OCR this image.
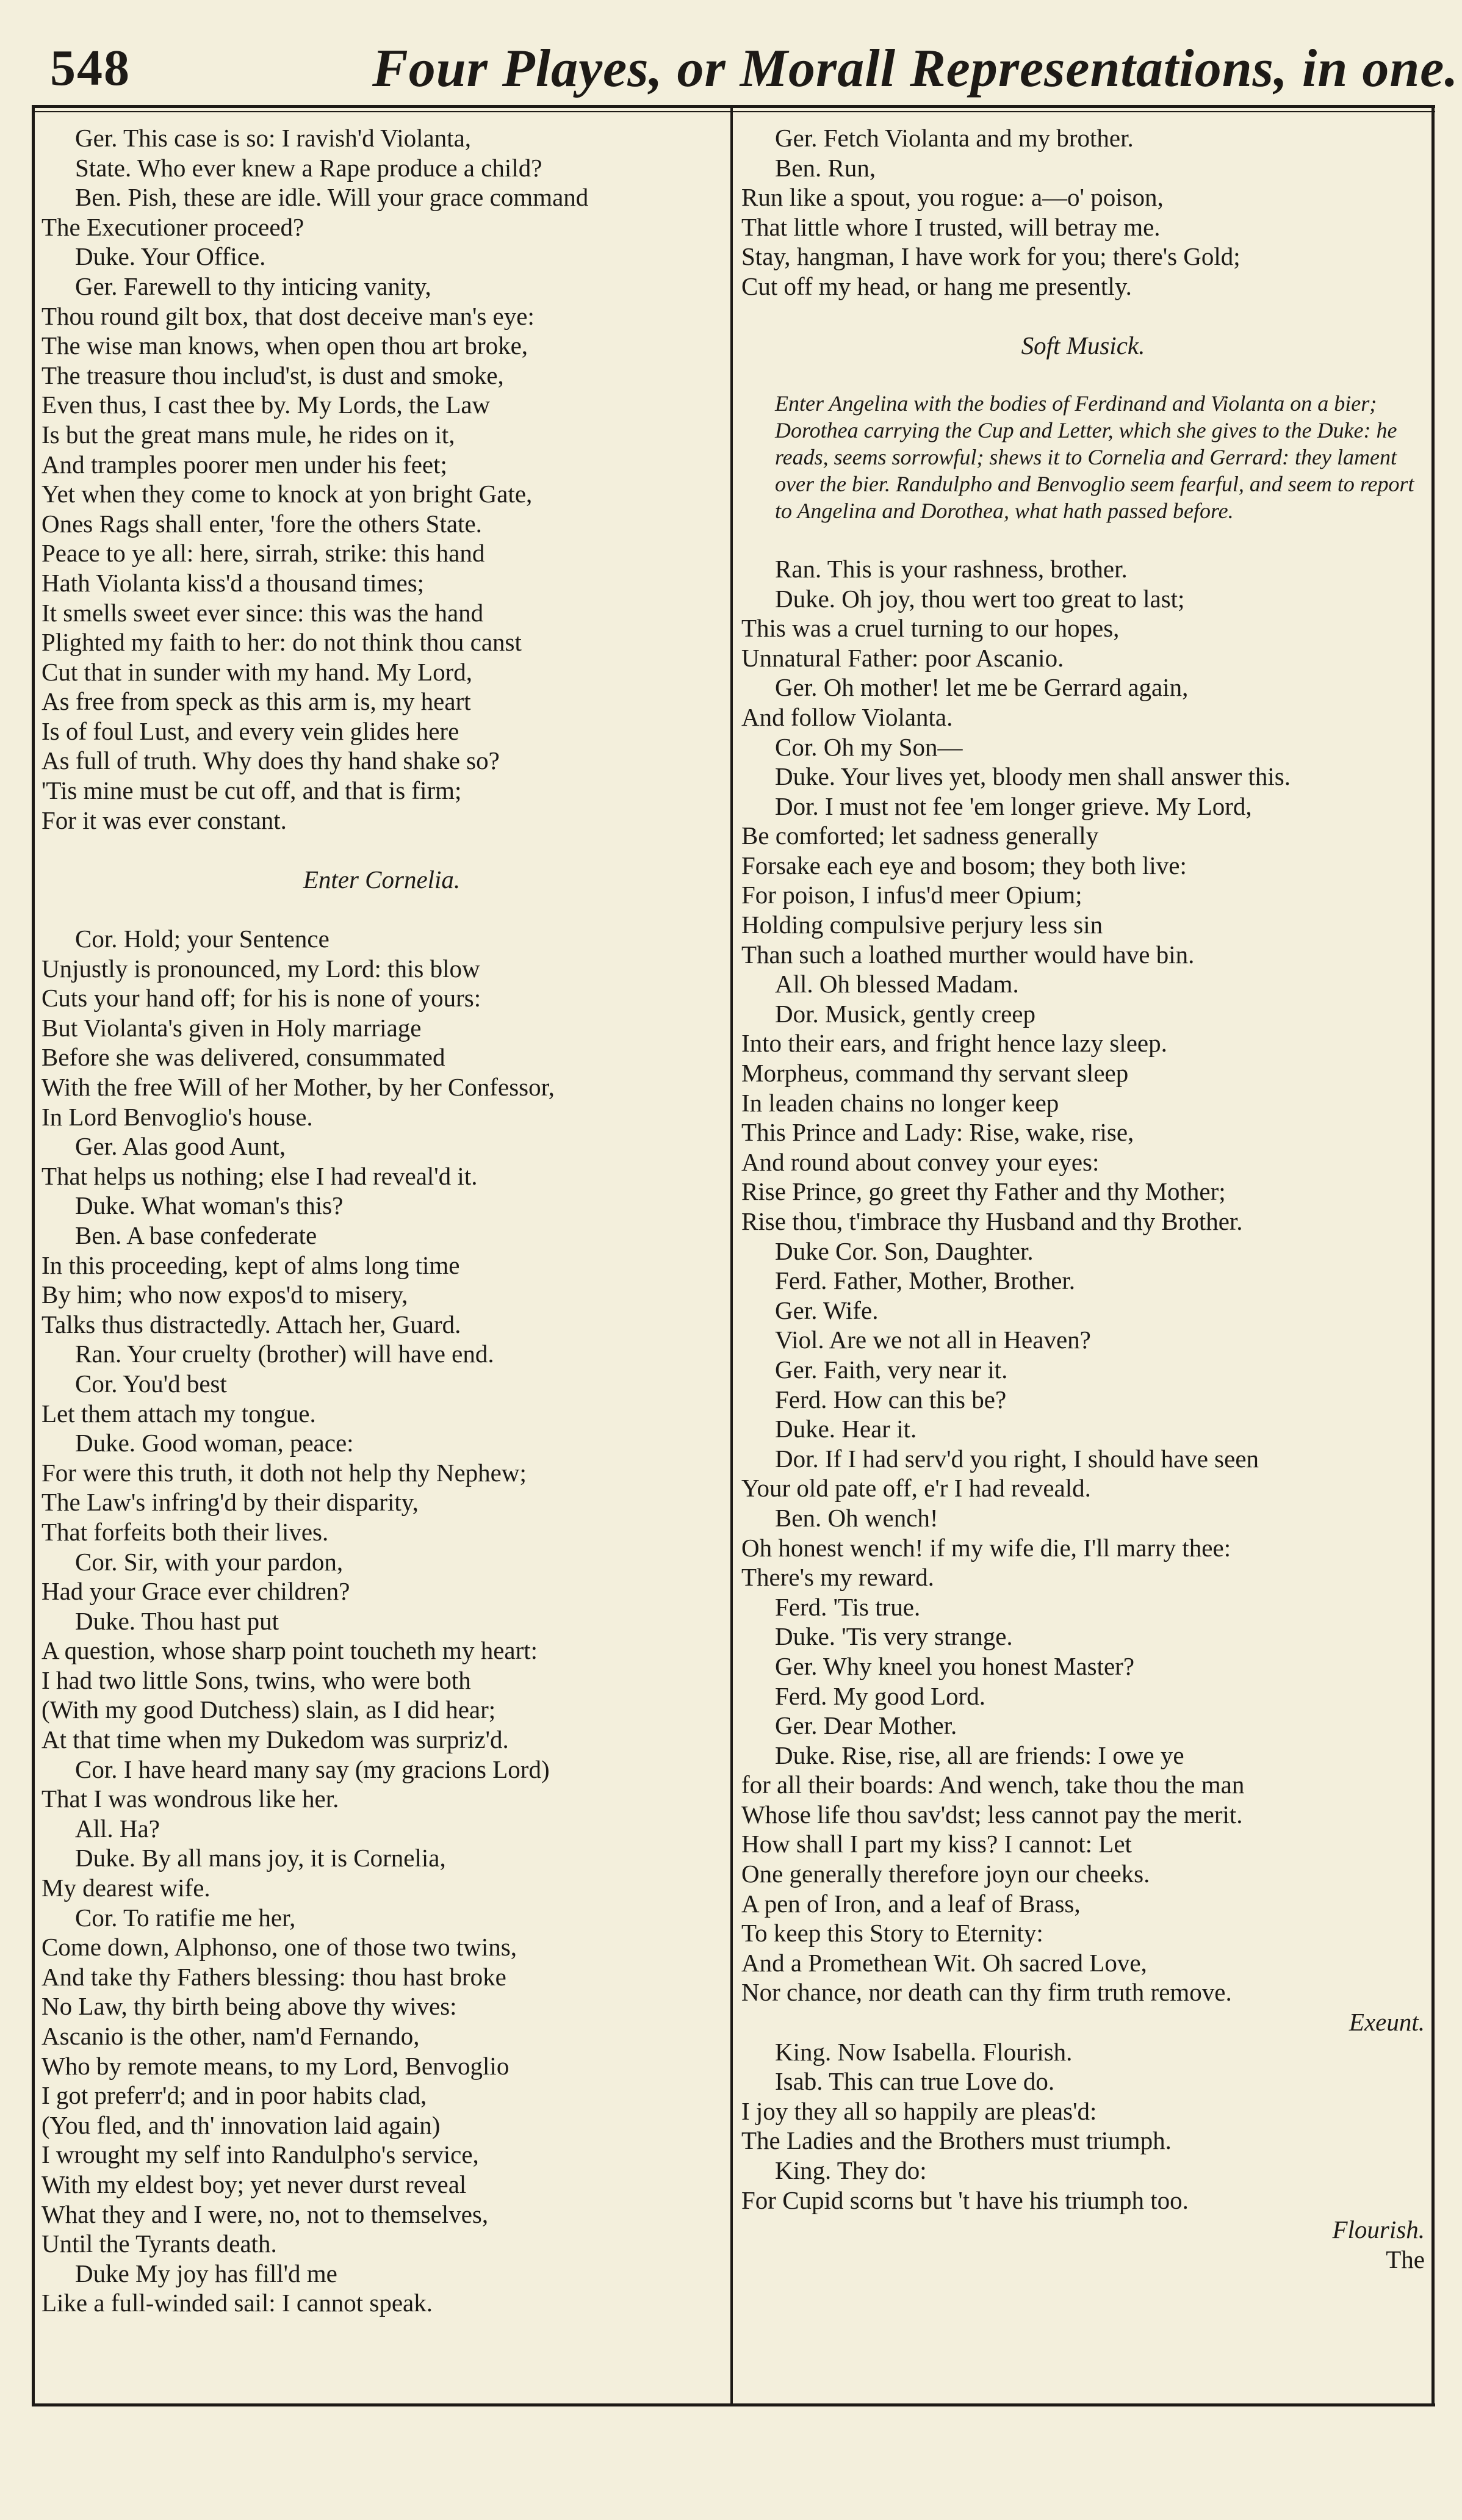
548	Four Playes, or Morall Representations, in one.
Ger. This case is so: I ravish'd Violanta,
State. Who ever knew a Rape produce a child?
Ben. Pish, these are idle. Will your grace command
The Executioner proceed?
Duke. Your Office.
Ger. Farewell to thy inticing vanity,
Thou round gilt box, that dost deceive man's eye:
The wise man knows, when open thou art broke,
The treasure thou includ'st, is dust and smoke,
Even thus, I cast thee by. My Lords, the Law
Is but the great mans mule, he rides on it,
And tramples poorer men under his feet;
Yet when they come to knock at yon bright Gate,
Ones Rags shall enter, 'fore the others State.
Peace to ye all: here, sirrah, strike: this hand
Hath Violanta kiss'd a thousand times;
It smells sweet ever since: this was the hand
Plighted my faith to her: do not think thou canst
Cut that in sunder with my hand. My Lord,
As free from speck as this arm is, my heart
Is of foul Lust, and every vein glides here
As full of truth. Why does thy hand shake so?
'Tis mine must be cut off, and that is firm;
For it was ever constant.
Enter Cornelia.
Cor. Hold; your Sentence
Unjustly is pronounced, my Lord: this blow
Cuts your hand off; for his is none of yours:
But Violanta's given in Holy marriage
Before she was delivered, consummated
With the free Will of her Mother, by her Confessor,
In Lord Benvoglio's house.
Ger. Alas good Aunt,
That helps us nothing; else I had reveal'd it.
Duke. What woman's this?
Ben. A base confederate
In this proceeding, kept of alms long time
By him; who now expos'd to misery,
Talks thus distractedly. Attach her, Guard.
Ran. Your cruelty (brother) will have end.
Cor. You'd best
Let them attach my tongue.
Duke. Good woman, peace:
For were this truth, it doth not help thy Nephew;
The Law's infring'd by their disparity,
That forfeits both their lives.
Cor. Sir, with your pardon,
Had your Grace ever children?
Duke. Thou hast put
A question, whose sharp point toucheth my heart:
I had two little Sons, twins, who were both
(With my good Dutchess) slain, as I did hear;
At that time when my Dukedom was surpriz'd.
Cor. I have heard many say (my gracions Lord)
That I was wondrous like her.
All. Ha?
Duke. By all mans joy, it is Cornelia,
My dearest wife.
Cor. To ratifie me her,
Come down, Alphonso, one of those two twins,
And take thy Fathers blessing: thou hast broke
No Law, thy birth being above thy wives:
Ascanio is the other, nam'd Fernando,
Who by remote means, to my Lord, Benvoglio
I got preferr'd; and in poor habits clad,
(You fled, and th' innovation laid again)
I wrought my self into Randulpho's service,
With my eldest boy; yet never durst reveal
What they and I were, no, not to themselves,
Until the Tyrants death.
Duke My joy has fill'd me
Like a full-winded sail: I cannot speak.
Ger. Fetch Violanta and my brother.
Ben. Run,
Run like a spout, you rogue: a—o' poison,
That little whore I trusted, will betray me.
Stay, hangman, I have work for you; there's Gold;
Cut off my head, or hang me presently.
Soft Musick.
Enter Angelina with the bodies of Ferdinand and Violanta on a bier; Dorothea carrying the Cup and Letter, which she gives to the Duke: he reads, seems sorrowful; shews it to Cornelia and Gerrard: they lament over the bier. Randulpho and Benvoglio seem fearful, and seem to report to Angelina and Dorothea, what hath passed before.
Ran. This is your rashness, brother.
Duke. Oh joy, thou wert too great to last;
This was a cruel turning to our hopes,
Unnatural Father: poor Ascanio.
Ger. Oh mother! let me be Gerrard again,
And follow Violanta.
Cor. Oh my Son—
Duke. Your lives yet, bloody men shall answer this.
Dor. I must not fee 'em longer grieve. My Lord,
Be comforted; let sadness generally
Forsake each eye and bosom; they both live:
For poison, I infus'd meer Opium;
Holding compulsive perjury less sin
Than such a loathed murther would have bin.
All. Oh blessed Madam.
Dor. Musick, gently creep
Into their ears, and fright hence lazy sleep.
Morpheus, command thy servant sleep
In leaden chains no longer keep
This Prince and Lady: Rise, wake, rise,
And round about convey your eyes:
Rise Prince, go greet thy Father and thy Mother;
Rise thou, t'imbrace thy Husband and thy Brother.
Duke Cor. Son, Daughter.
Ferd. Father, Mother, Brother.
Ger. Wife.
Viol. Are we not all in Heaven?
Ger. Faith, very near it.
Ferd. How can this be?
Duke. Hear it.
Dor. If I had serv'd you right, I should have seen
Your old pate off, e'r I had reveald.
Ben. Oh wench!
Oh honest wench! if my wife die, I'll marry thee:
There's my reward.
Ferd. 'Tis true.
Duke. 'Tis very strange.
Ger. Why kneel you honest Master?
Ferd. My good Lord.
Ger. Dear Mother.
Duke. Rise, rise, all are friends: I owe ye
for all their boards: And wench, take thou the man
Whose life thou sav'dst; less cannot pay the merit.
How shall I part my kiss? I cannot: Let
One generally therefore joyn our cheeks.
A pen of Iron, and a leaf of Brass,
To keep this Story to Eternity:
And a Promethean Wit. Oh sacred Love,
Nor chance, nor death can thy firm truth remove.
Exeunt.
King. Now Isabella. Flourish.
Isab. This can true Love do.
I joy they all so happily are pleas'd:
The Ladies and the Brothers must triumph.
King. They do:
For Cupid scorns but 't have his triumph too.
Flourish.
The
